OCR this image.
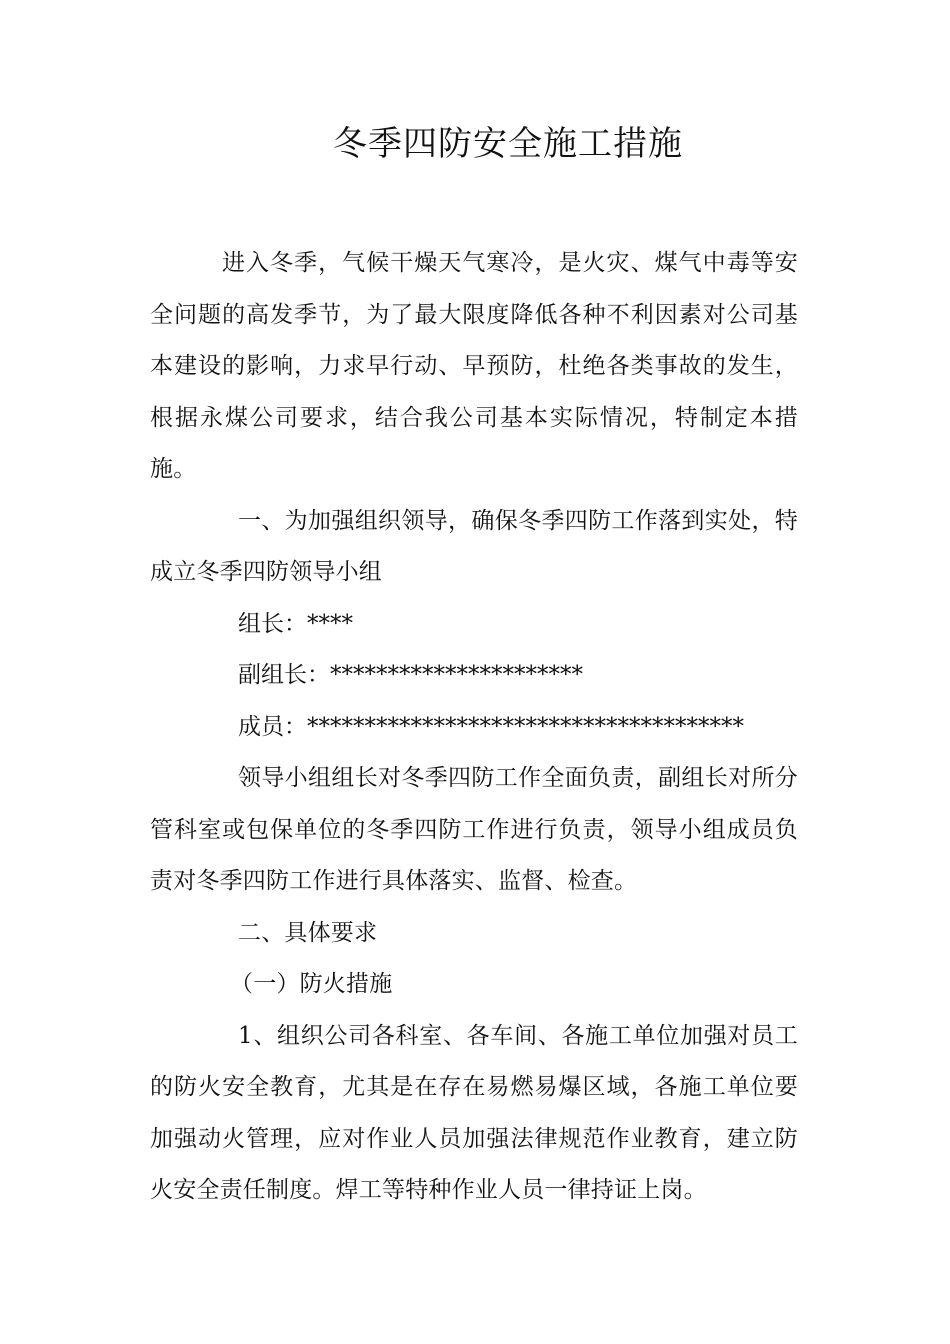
冬季四防安全施工措施

进入冬季，气候干燥天气寒冷，是火灾、煤气中毒等安全问题的高发季节，为了最大限度降低各种不利因素对公司基本建设的影响，力求早行动、早预防，杜绝各类事故的发生，根据永煤公司要求，结合我公司基本实际情况，特制定本措施。

一、为加强组织领导，确保冬季四防工作落到实处，特成立冬季四防领导小组

组长：****

副组长：**********************

成员：**************************************

领导小组组长对冬季四防工作全面负责，副组长对所分管科室或包保单位的冬季四防工作进行负责，领导小组成员负责对冬季四防工作进行具体落实、监督、检查。

二、具体要求

（一）防火措施

1、组织公司各科室、各车间、各施工单位加强对员工的防火安全教育，尤其是在存在易燃易爆区域，各施工单位要加强动火管理，应对作业人员加强法律规范作业教育，建立防火安全责任制度。焊工等特种作业人员一律持证上岗。
